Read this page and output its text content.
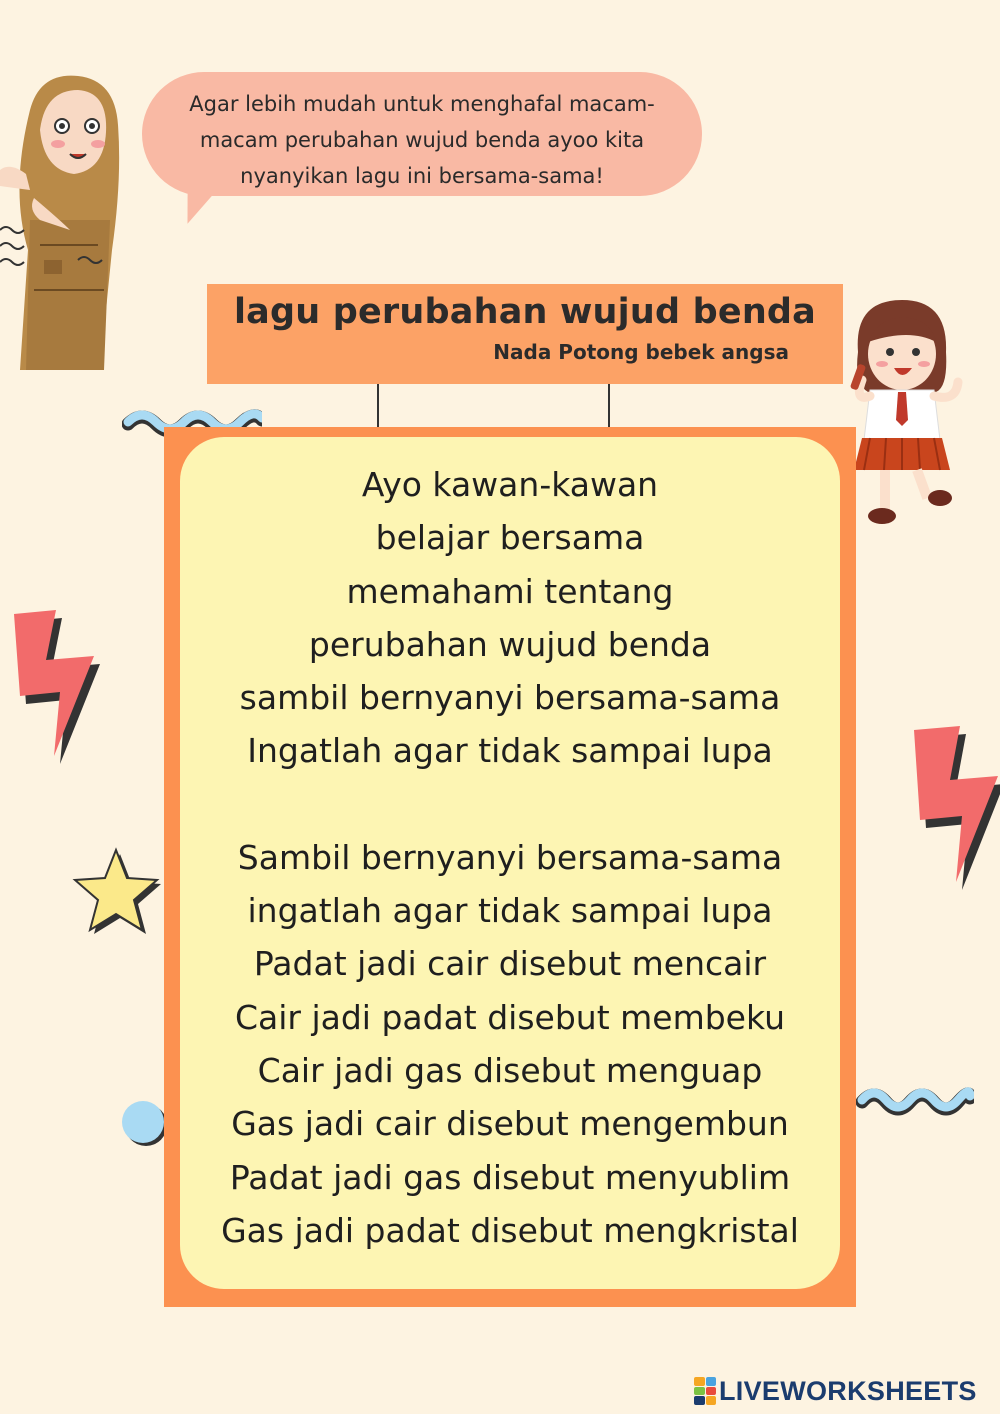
Agar lebih mudah untuk menghafal macam-
macam perubahan wujud benda ayoo kita
nyanyikan lagu ini bersama-sama!
lagu perubahan wujud benda
Nada Potong bebek angsa
Ayo kawan-kawan
belajar bersama
memahami tentang
perubahan wujud benda
sambil bernyanyi bersama-sama
Ingatlah agar tidak sampai lupa
Sambil bernyanyi bersama-sama
ingatlah agar tidak sampai lupa
Padat jadi cair disebut mencair
Cair jadi padat disebut membeku
Cair jadi gas disebut menguap
Gas jadi cair disebut mengembun
Padat jadi gas disebut menyublim
Gas jadi padat disebut mengkristal
LIVEWORKSHEETS
